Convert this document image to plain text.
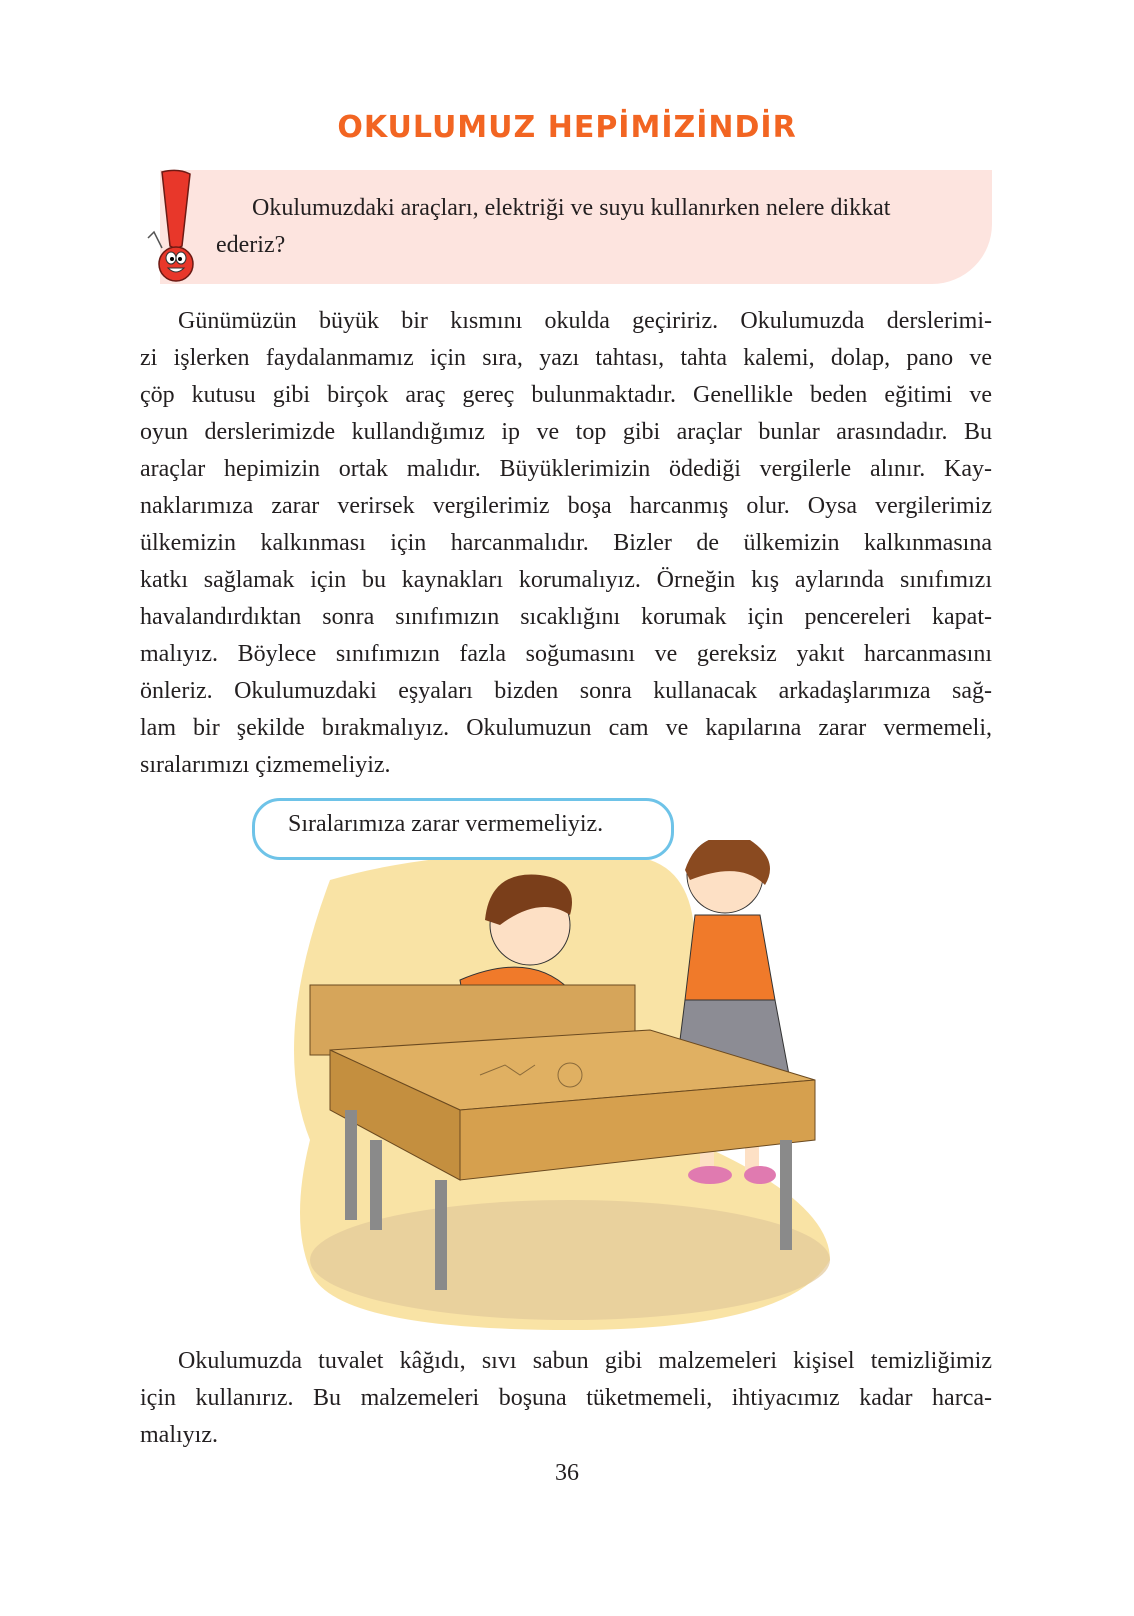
OKULUMUZ HEPİMİZİNDİR
Okulumuzdaki araçları, elektriği ve suyu kullanırken nelere dikkat
ederiz?
Günümüzün büyük bir kısmını okulda geçiririz. Okulumuzda derslerimi-
zi işlerken faydalanmamız için sıra, yazı tahtası, tahta kalemi, dolap, pano ve
çöp kutusu gibi birçok araç gereç bulunmaktadır. Genellikle beden eğitimi ve
oyun derslerimizde kullandığımız ip ve top gibi araçlar bunlar arasındadır. Bu
araçlar hepimizin ortak malıdır. Büyüklerimizin ödediği vergilerle alınır. Kay-
naklarımıza zarar verirsek vergilerimiz boşa harcanmış olur. Oysa vergilerimiz
ülkemizin kalkınması için harcanmalıdır. Bizler de ülkemizin kalkınmasına
katkı sağlamak için bu kaynakları korumalıyız. Örneğin kış aylarında sınıfımızı
havalandırdıktan sonra sınıfımızın sıcaklığını korumak için pencereleri kapat-
malıyız. Böylece sınıfımızın fazla soğumasını ve gereksiz yakıt harcanmasını
önleriz. Okulumuzdaki eşyaları bizden sonra kullanacak arkadaşlarımıza sağ-
lam bir şekilde bırakmalıyız. Okulumuzun cam ve kapılarına zarar vermemeli,
sıralarımızı çizmemeliyiz.
Sıralarımıza zarar vermemeliyiz.
Okulumuzda tuvalet kâğıdı, sıvı sabun gibi malzemeleri kişisel temizliğimiz
için kullanırız. Bu malzemeleri boşuna tüketmemeli, ihtiyacımız kadar harca-
malıyız.
36
